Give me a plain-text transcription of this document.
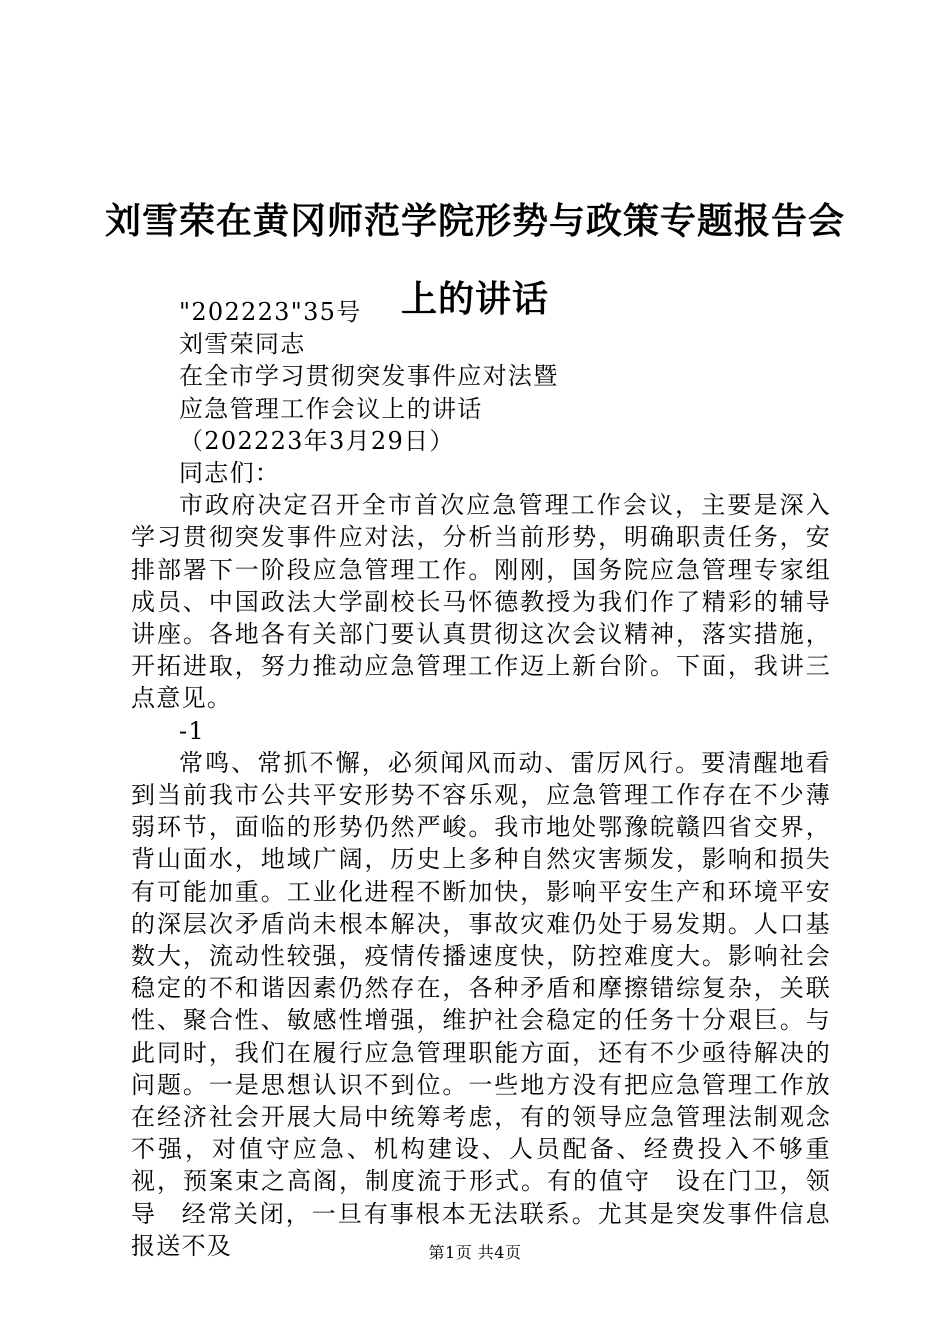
刘雪荣在黄冈师范学院形势与政策专题报告会
上的讲话

"202223"35号

刘雪荣同志

在全市学习贯彻突发事件应对法暨

应急管理工作会议上的讲话

（202223年3月29日）

同志们：

市政府决定召开全市首次应急管理工作会议，主要是深入学习贯彻突发事件应对法，分析当前形势，明确职责任务，安排部署下一阶段应急管理工作。刚刚，国务院应急管理专家组成员、中国政法大学副校长马怀德教授为我们作了精彩的辅导讲座。各地各有关部门要认真贯彻这次会议精神，落实措施，开拓进取，努力推动应急管理工作迈上新台阶。下面，我讲三点意见。

-1

常鸣、常抓不懈，必须闻风而动、雷厉风行。要清醒地看到当前我市公共平安形势不容乐观，应急管理工作存在不少薄弱环节，面临的形势仍然严峻。我市地处鄂豫皖赣四省交界，背山面水，地域广阔，历史上多种自然灾害频发，影响和损失有可能加重。工业化进程不断加快，影响平安生产和环境平安的深层次矛盾尚未根本解决，事故灾难仍处于易发期。人口基数大，流动性较强，疫情传播速度快，防控难度大。影响社会稳定的不和谐因素仍然存在，各种矛盾和摩擦错综复杂，关联性、聚合性、敏感性增强，维护社会稳定的任务十分艰巨。与此同时，我们在履行应急管理职能方面，还有不少亟待解决的问题。一是思想认识不到位。一些地方没有把应急管理工作放在经济社会开展大局中统筹考虑，有的领导应急管理法制观念不强，对值守应急、机构建设、人员配备、经费投入不够重视，预案束之高阁，制度流于形式。有的值守 设在门卫，领导 经常关闭，一旦有事根本无法联系。尤其是突发事件信息报送不及	第1页 共4页
